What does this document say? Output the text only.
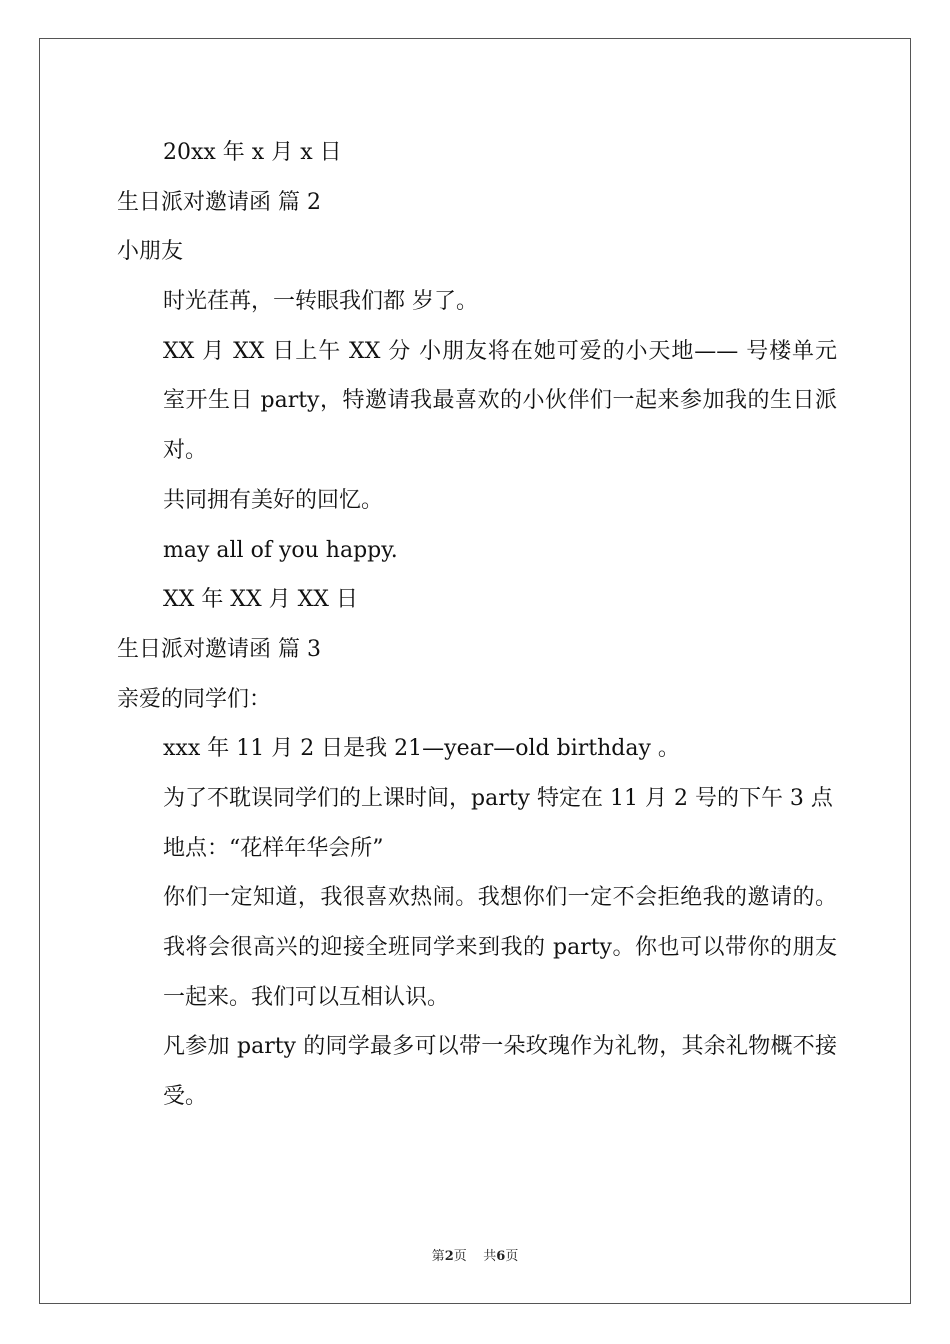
20xx 年 x 月 x 日
生日派对邀请函 篇 2
小朋友
时光荏苒，一转眼我们都 岁了。
XX 月 XX 日上午 XX 分 小朋友将在她可爱的小天地—— 号楼单元 室开生日 party，特邀请我最喜欢的小伙伴们一起来参加我的生日派对。
共同拥有美好的回忆。
may all of you happy.
XX 年 XX 月 XX 日
生日派对邀请函 篇 3
亲爱的同学们：
xxx 年 11 月 2 日是我 21—year—old birthday 。
为了不耽误同学们的上课时间，party 特定在 11 月 2 号的下午 3 点
地点：“花样年华会所”
你们一定知道，我很喜欢热闹。我想你们一定不会拒绝我的邀请的。我将会很高兴的迎接全班同学来到我的 party。你也可以带你的朋友一起来。我们可以互相认识。
凡参加 party 的同学最多可以带一朵玫瑰作为礼物，其余礼物概不接受。
第2页    共6页
